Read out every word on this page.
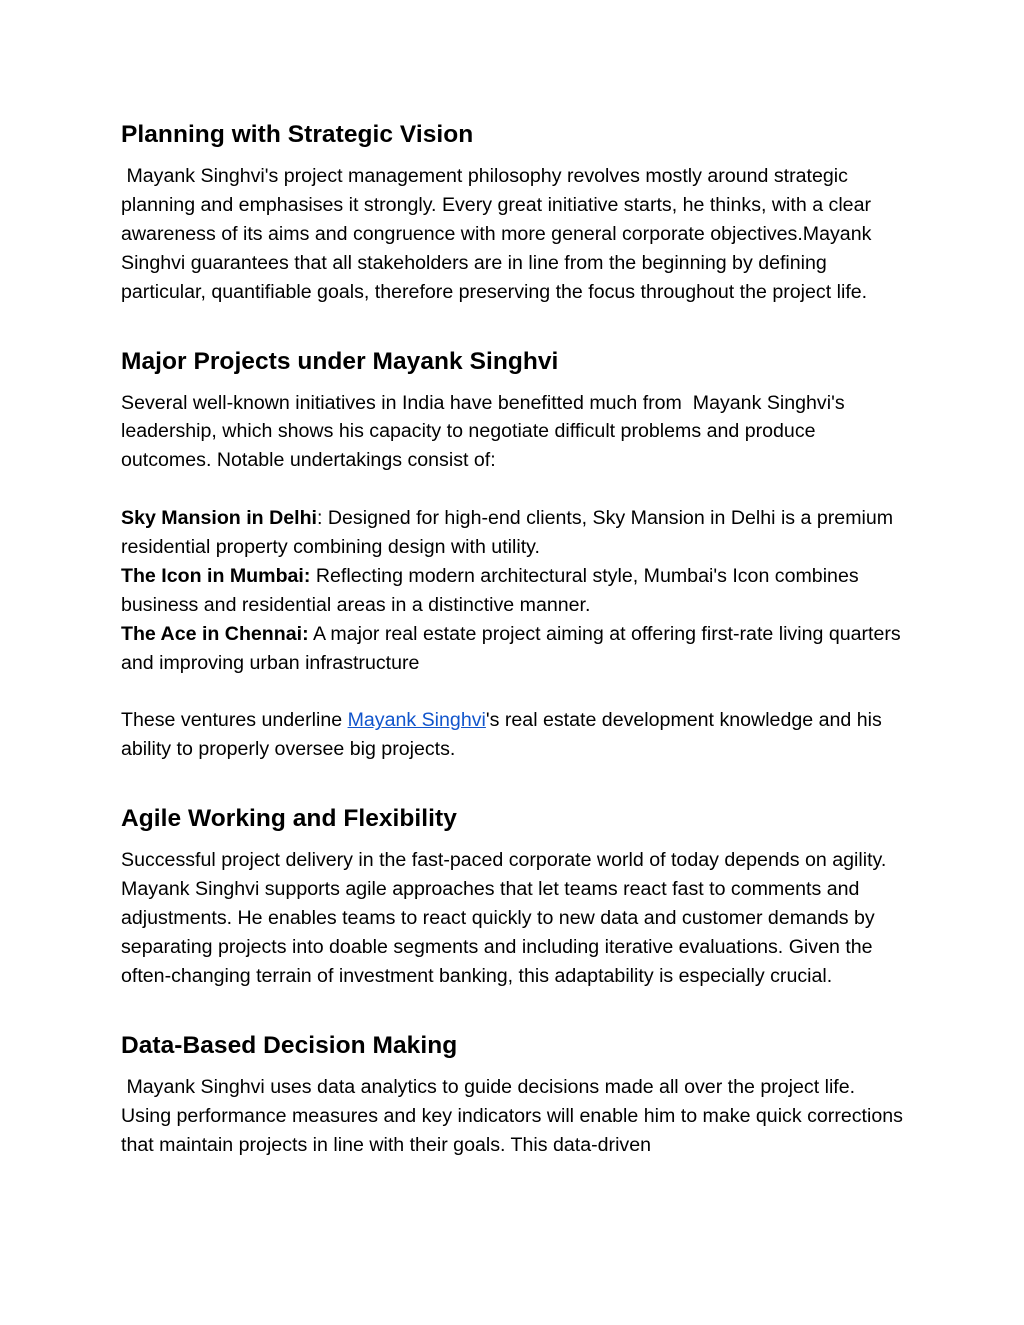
Planning with Strategic Vision

Mayank Singhvi's project management philosophy revolves mostly around strategic planning and emphasises it strongly. Every great initiative starts, he thinks, with a clear awareness of its aims and congruence with more general corporate objectives.Mayank Singhvi guarantees that all stakeholders are in line from the beginning by defining particular, quantifiable goals, therefore preserving the focus throughout the project life.

Major Projects under Mayank Singhvi

Several well-known initiatives in India have benefitted much from  Mayank Singhvi's leadership, which shows his capacity to negotiate difficult problems and produce outcomes. Notable undertakings consist of:

Sky Mansion in Delhi: Designed for high-end clients, Sky Mansion in Delhi is a premium residential property combining design with utility.

The Icon in Mumbai: Reflecting modern architectural style, Mumbai's Icon combines business and residential areas in a distinctive manner.

The Ace in Chennai: A major real estate project aiming at offering first-rate living quarters and improving urban infrastructure

These ventures underline Mayank Singhvi's real estate development knowledge and his ability to properly oversee big projects.

Agile Working and Flexibility

Successful project delivery in the fast-paced corporate world of today depends on agility.  Mayank Singhvi supports agile approaches that let teams react fast to comments and adjustments. He enables teams to react quickly to new data and customer demands by separating projects into doable segments and including iterative evaluations. Given the often-changing terrain of investment banking, this adaptability is especially crucial.

Data-Based Decision Making

Mayank Singhvi uses data analytics to guide decisions made all over the project life. Using performance measures and key indicators will enable him to make quick corrections that maintain projects in line with their goals. This data-driven
